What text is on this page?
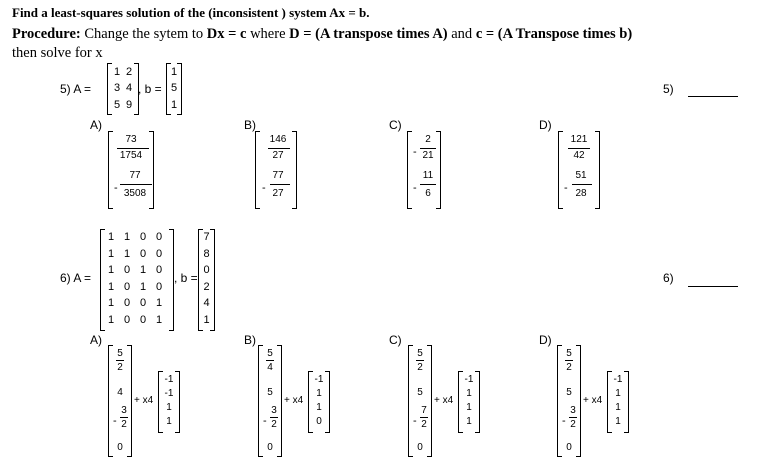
Find a least-squares solution of the (inconsistent ) system Ax = b.
Procedure: Change the sytem to Dx = c where D = (A transpose times A) and c = (A Transpose times b)
then solve for x
5) A =
1 2
3 4
5 9
, b =
1
5
1
5)
A)
73
1754
-
77
3508
B)
146
27
-
77
27
C)
-
2
21
-
11
6
D)
121
42
-
51
28
6) A =
1 1 0 0
1 1 0 0
1 0 1 0
1 0 1 0
1 0 0 1
1 0 0 1
, b =
7
8
0
2
4
1
6)
A)
5
2
4
-
3
2
0
+ x4
-1
-1
1
1
B)
5
4
5
-
3
2
0
+ x4
-1
1
1
0
C)
5
2
5
-
7
2
0
+ x4
-1
1
1
1
D)
5
2
5
-
3
2
0
+ x4
-1
1
1
1
